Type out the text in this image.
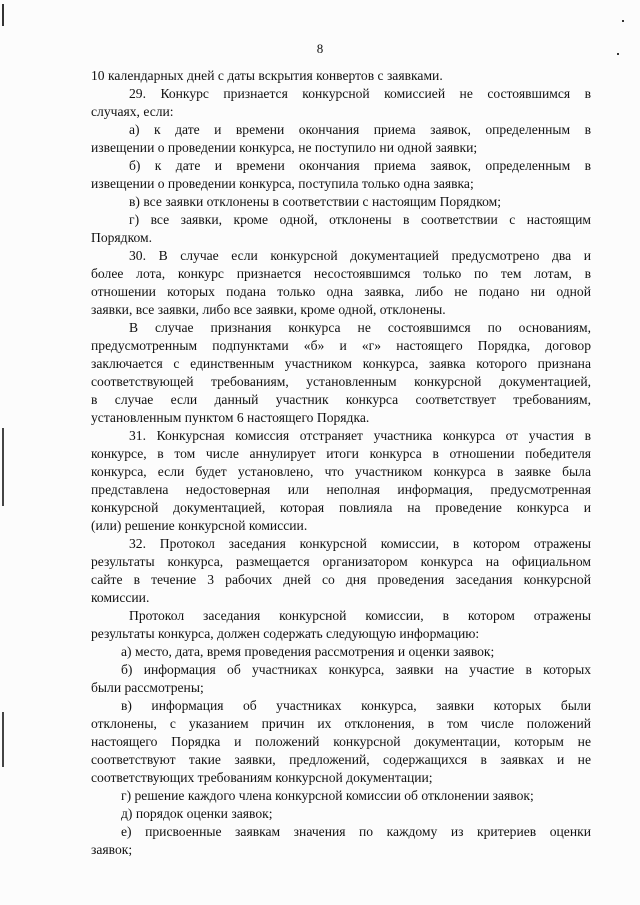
8
10 календарных дней с даты вскрытия конвертов с заявками.
29. Конкурс признается конкурсной комиссией не состоявшимся в
случаях, если:
а) к дате и времени окончания приема заявок, определенным в
извещении о проведении конкурса, не поступило ни одной заявки;
б) к дате и времени окончания приема заявок, определенным в
извещении о проведении конкурса, поступила только одна заявка;
в) все заявки отклонены в соответствии с настоящим Порядком;
г) все заявки, кроме одной, отклонены в соответствии с настоящим
Порядком.
30. В случае если конкурсной документацией предусмотрено два и
более лота, конкурс признается несостоявшимся только по тем лотам, в
отношении которых подана только одна заявка, либо не подано ни одной
заявки, все заявки, либо все заявки, кроме одной, отклонены.
В случае признания конкурса не состоявшимся по основаниям,
предусмотренным подпунктами «б» и «г» настоящего Порядка, договор
заключается с единственным участником конкурса, заявка которого признана
соответствующей требованиям, установленным конкурсной документацией,
в случае если данный участник конкурса соответствует требованиям,
установленным пунктом 6 настоящего Порядка.
31. Конкурсная комиссия отстраняет участника конкурса от участия в
конкурсе, в том числе аннулирует итоги конкурса в отношении победителя
конкурса, если будет установлено, что участником конкурса в заявке была
представлена недостоверная или неполная информация, предусмотренная
конкурсной документацией, которая повлияла на проведение конкурса и
(или) решение конкурсной комиссии.
32. Протокол заседания конкурсной комиссии, в котором отражены
результаты конкурса, размещается организатором конкурса на официальном
сайте в течение 3 рабочих дней со дня проведения заседания конкурсной
комиссии.
Протокол заседания конкурсной комиссии, в котором отражены
результаты конкурса, должен содержать следующую информацию:
а) место, дата, время проведения рассмотрения и оценки заявок;
б) информация об участниках конкурса, заявки на участие в которых
были рассмотрены;
в) информация об участниках конкурса, заявки которых были
отклонены, с указанием причин их отклонения, в том числе положений
настоящего Порядка и положений конкурсной документации, которым не
соответствуют такие заявки, предложений, содержащихся в заявках и не
соответствующих требованиям конкурсной документации;
г) решение каждого члена конкурсной комиссии об отклонении заявок;
д) порядок оценки заявок;
е) присвоенные заявкам значения по каждому из критериев оценки
заявок;
